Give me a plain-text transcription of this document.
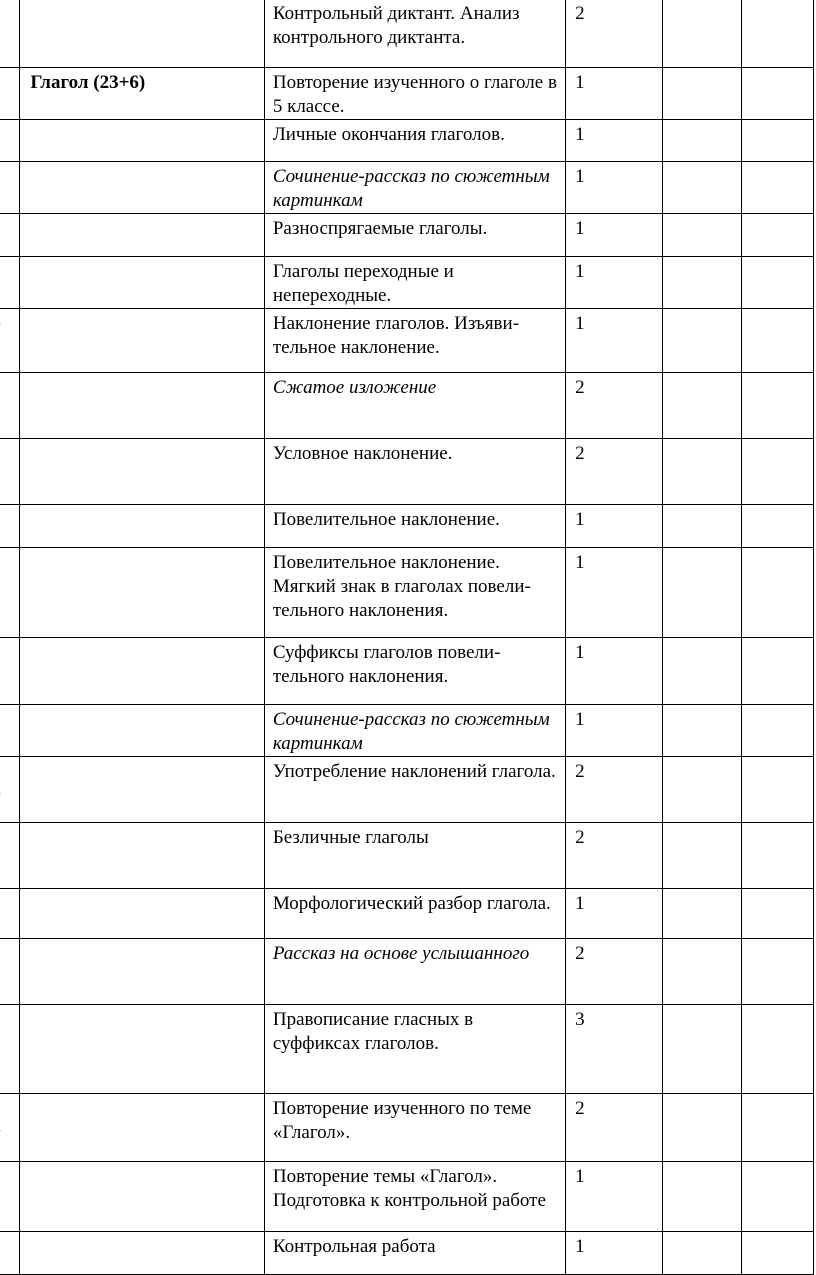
		Контрольный диктант. Анализ контрольного диктанта.	2		

	Глагол (23+6)	Повторение изученного о глаголе в 5 классе.	1		

		Личные окончания глаголов.	1		

		Сочинение-рассказ по сюжетным картинкам	1		

		Разноспрягаемые глаголы.	1		

		Глаголы переходные и непереходные.	1		

		Наклонение глаголов. Изъяви-тельное наклонение.	1		

		Сжатое изложение	2		

		Условное наклонение.	2		

		Повелительное наклонение.	1		

		Повелительное наклонение. Мягкий знак в глаголах повели-тельного наклонения.	1		

		Суффиксы глаголов повели-тельного наклонения.	1		

		Сочинение-рассказ по сюжетным картинкам	1		

		Употребление наклонений глагола.	2		

		Безличные глаголы	2		

		Морфологический разбор глагола.	1		

		Рассказ на основе услышанного	2		

		Правописание гласных в суффиксах глаголов.	3		

		Повторение изученного по теме «Глагол».	2		

		Повторение темы «Глагол». Подготовка к контрольной работе	1		

		Контрольная работа	1		
